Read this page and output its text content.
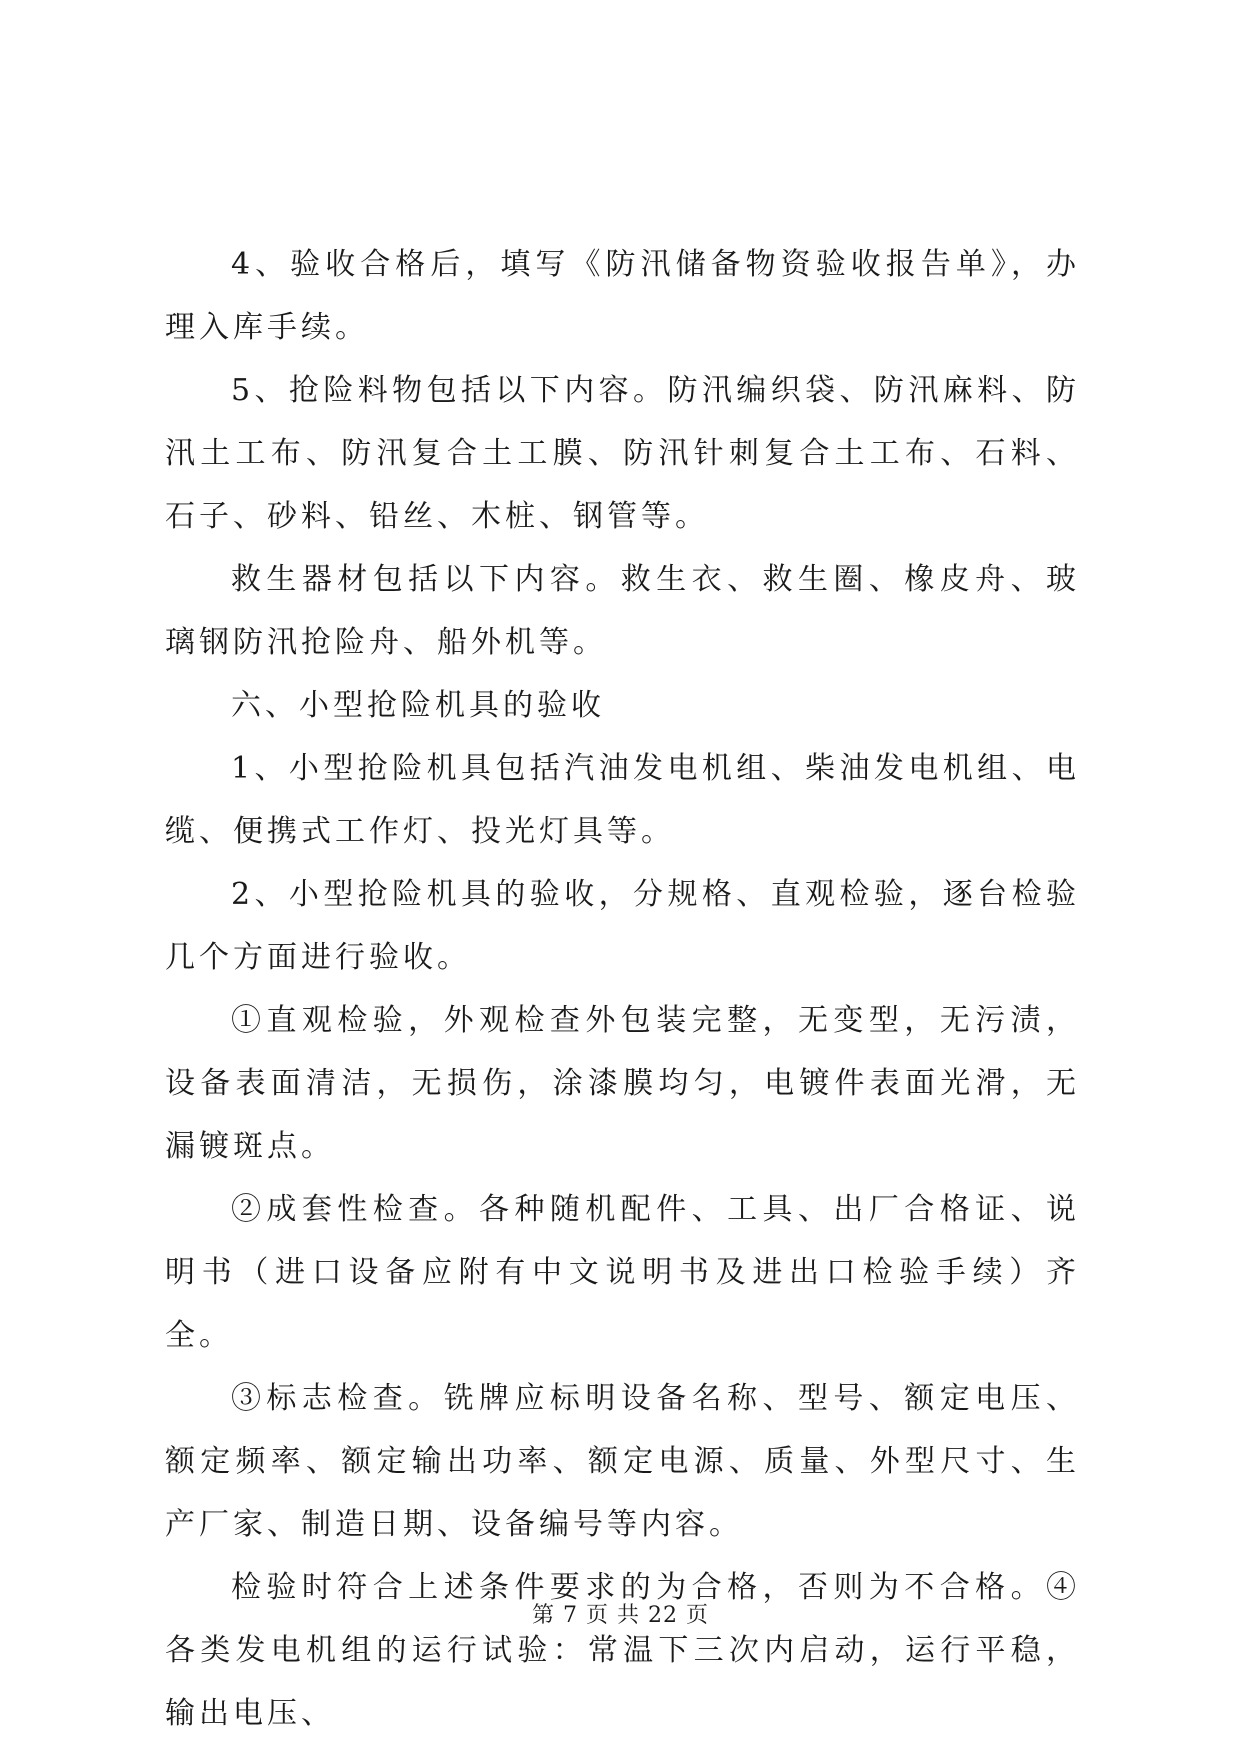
4、验收合格后，填写《防汛储备物资验收报告单》，办理入库手续。

5、抢险料物包括以下内容。防汛编织袋、防汛麻料、防汛土工布、防汛复合土工膜、防汛针刺复合土工布、石料、石子、砂料、铅丝、木桩、钢管等。

救生器材包括以下内容。救生衣、救生圈、橡皮舟、玻璃钢防汛抢险舟、船外机等。

六、小型抢险机具的验收

1、小型抢险机具包括汽油发电机组、柴油发电机组、电缆、便携式工作灯、投光灯具等。

2、小型抢险机具的验收，分规格、直观检验，逐台检验几个方面进行验收。

①直观检验，外观检查外包装完整，无变型，无污渍，设备表面清洁，无损伤，涂漆膜均匀，电镀件表面光滑，无漏镀斑点。

②成套性检查。各种随机配件、工具、出厂合格证、说明书（进口设备应附有中文说明书及进出口检验手续）齐全。

③标志检查。铣牌应标明设备名称、型号、额定电压、额定频率、额定输出功率、额定电源、质量、外型尺寸、生产厂家、制造日期、设备编号等内容。

检验时符合上述条件要求的为合格，否则为不合格。④各类发电机组的运行试验：常温下三次内启动，运行平稳，输出电压、

第 7 页 共 22 页
